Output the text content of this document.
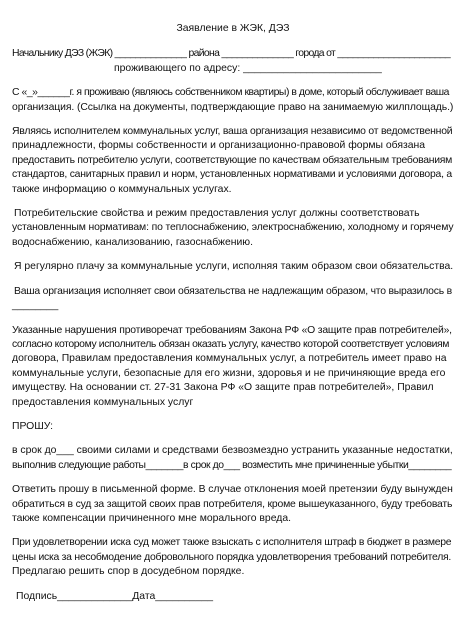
Заявление в ЖЭК, ДЭЗ
Начальнику ДЭЗ (ЖЭК) ______________ района ______________ города от ______________________
проживающего по адресу: ________________________
С «_»______г. я проживаю (являюсь собственником квартиры) в доме, который обслуживает ваша
организация. (Ссылка на документы, подтверждающие право на занимаемую жилплощадь.)
Являясь исполнителем коммунальных услуг, ваша организация независимо от ведомственной
принадлежности, формы собственности и организационно-правовой формы обязана
предоставить потребителю услуги, соответствующие по качествам обязательным требованиям
стандартов, санитарных правил и норм, установленных нормативами и условиями договора, а
также информацию о коммунальных услугах.
Потребительские свойства и режим предоставления услуг должны соответствовать
установленным нормативам: по теплоснабжению, электроснабжению, холодному и горячему
водоснабжению, канализованию, газоснабжению.
Я регулярно плачу за коммунальные услуги, исполняя таким образом свои обязательства.
Ваша организация исполняет свои обязательства не надлежащим образом, что выразилось в
________
Указанные нарушения противоречат требованиям Закона РФ «О защите прав потребителей»,
согласно которому исполнитель обязан оказать услугу, качество которой соответствует условиям
договора, Правилам предоставления коммунальных услуг, а потребитель имеет право на
коммунальные услуги, безопасные для его жизни, здоровья и не причиняющие вреда его
имуществу. На основании ст. 27-31 Закона РФ «О защите прав потребителей», Правил
предоставления коммунальных услуг
ПРОШУ:
в срок до___ своими силами и средствами безвозмездно устранить указанные недостатки,
выполнив следующие работы_______в срок до___ возместить мне причиненные убытки________
Ответить прошу в письменной форме. В случае отклонения моей претензии буду вынужден
обратиться в суд за защитой своих прав потребителя, кроме вышеуказанного, буду требовать
также компенсации причиненного мне морального вреда.
При удовлетворении иска суд может также взыскать с исполнителя штраф в бюджет в размере
цены иска за несобмодение добровольного порядка удовлетворения требований потребителя.
Предлагаю решить спор в досудебном порядке.
Подпись_____________Дата__________
